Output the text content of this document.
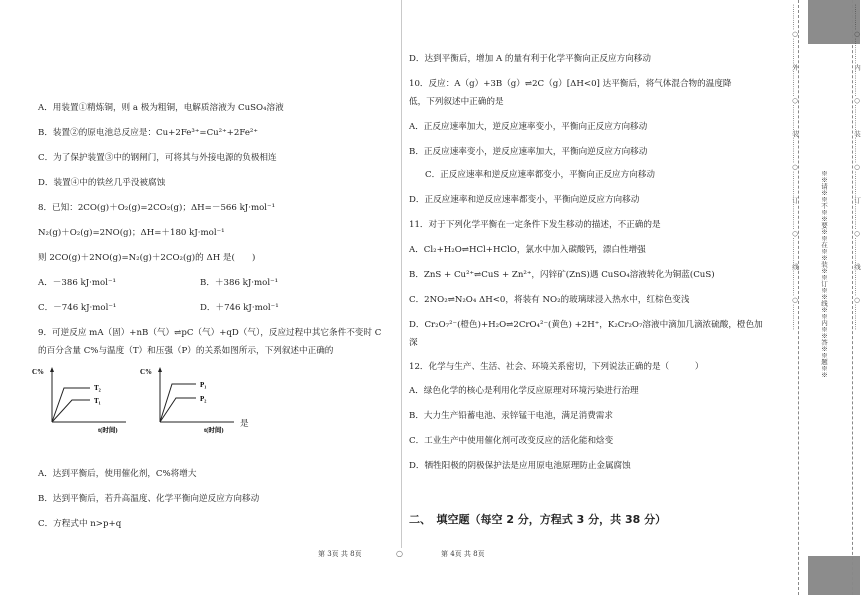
A．用装置①精炼铜，则 a 极为粗铜，电解质溶液为 CuSO₄溶液
B．装置②的原电池总反应是：Cu+2Fe³⁺=Cu²⁺+2Fe²⁺
C．为了保护装置③中的钢闸门，可将其与外接电源的负极相连
D．装置④中的铁丝几乎没被腐蚀
8．已知：2CO(g)＋O₂(g)=2CO₂(g)；ΔH=－566 kJ·mol⁻¹
N₂(g)＋O₂(g)=2NO(g)；ΔH=＋180 kJ·mol⁻¹
则 2CO(g)＋2NO(g)=N₂(g)＋2CO₂(g)的 ΔH 是(　　)
A．－386 kJ·mol⁻¹	B．＋386 kJ·mol⁻¹
C．－746 kJ·mol⁻¹	D．＋746 kJ·mol⁻¹
9．可逆反应 mA（固）+nB（气）⇌pC（气）+qD（气），反应过程中其它条件不变时 C
的百分含量 C%与温度（T）和压强（P）的关系如图所示，下列叙述中正确的
C%
T₂
T₁
t(时间)
C%
P₁
P₂
t(时间)
是
A．达到平衡后，使用催化剂，C%将增大
B．达到平衡后，若升高温度、化学平衡向逆反应方向移动
C．方程式中 n>p+q
第 3页 共 8页	○
D．达到平衡后，增加 A 的量有利于化学平衡向正反应方向移动
10．反应：A（g）+3B（g）⇌2C（g）[ΔH<0] 达平衡后，将气体混合物的温度降
低，下列叙述中正确的是
A．正反应速率加大，逆反应速率变小，平衡向正反应方向移动
B．正反应速率变小，逆反应速率加大，平衡向逆反应方向移动
C．正反应速率和逆反应速率都变小，平衡向正反应方向移动
D．正反应速率和逆反应速率都变小，平衡向逆反应方向移动
11．对于下列化学平衡在一定条件下发生移动的描述，不正确的是
A．Cl₂+H₂O⇌HCl+HClO，氯水中加入碳酸钙，漂白性增强
B．ZnS + Cu²⁺⇌CuS + Zn²⁺，闪锌矿(ZnS)遇 CuSO₄溶液转化为铜蓝(CuS)
C．2NO₂⇌N₂O₄ ΔH<0，将装有 NO₂的玻璃球浸入热水中，红棕色变浅
D．Cr₂O₇²⁻(橙色)+H₂O⇌2CrO₄²⁻(黄色) +2H⁺，K₂Cr₂O₇溶液中滴加几滴浓硫酸，橙色加
深
12．化学与生产、生活、社会、环境关系密切，下列说法正确的是（　　　）
A．绿色化学的核心是利用化学反应原理对环境污染进行治理
B．大力生产铅蓄电池、汞锌锰干电池，满足消费需求
C．工业生产中使用催化剂可改变反应的活化能和焓变
D．牺牲阳极的阴极保护法是应用原电池原理防止金属腐蚀
二、　填空题（每空 2 分，方程式 3 分，共 38 分）
第 4页 共 8页
…………○…………外…………○…………装…………○…………订…………○…………线…………○…………	※※请※※不※※要※※在※※装※※订※※线※※内※※答※※题※※	…………○…………内…………○…………装…………○…………订…………○…………线…………○…………
